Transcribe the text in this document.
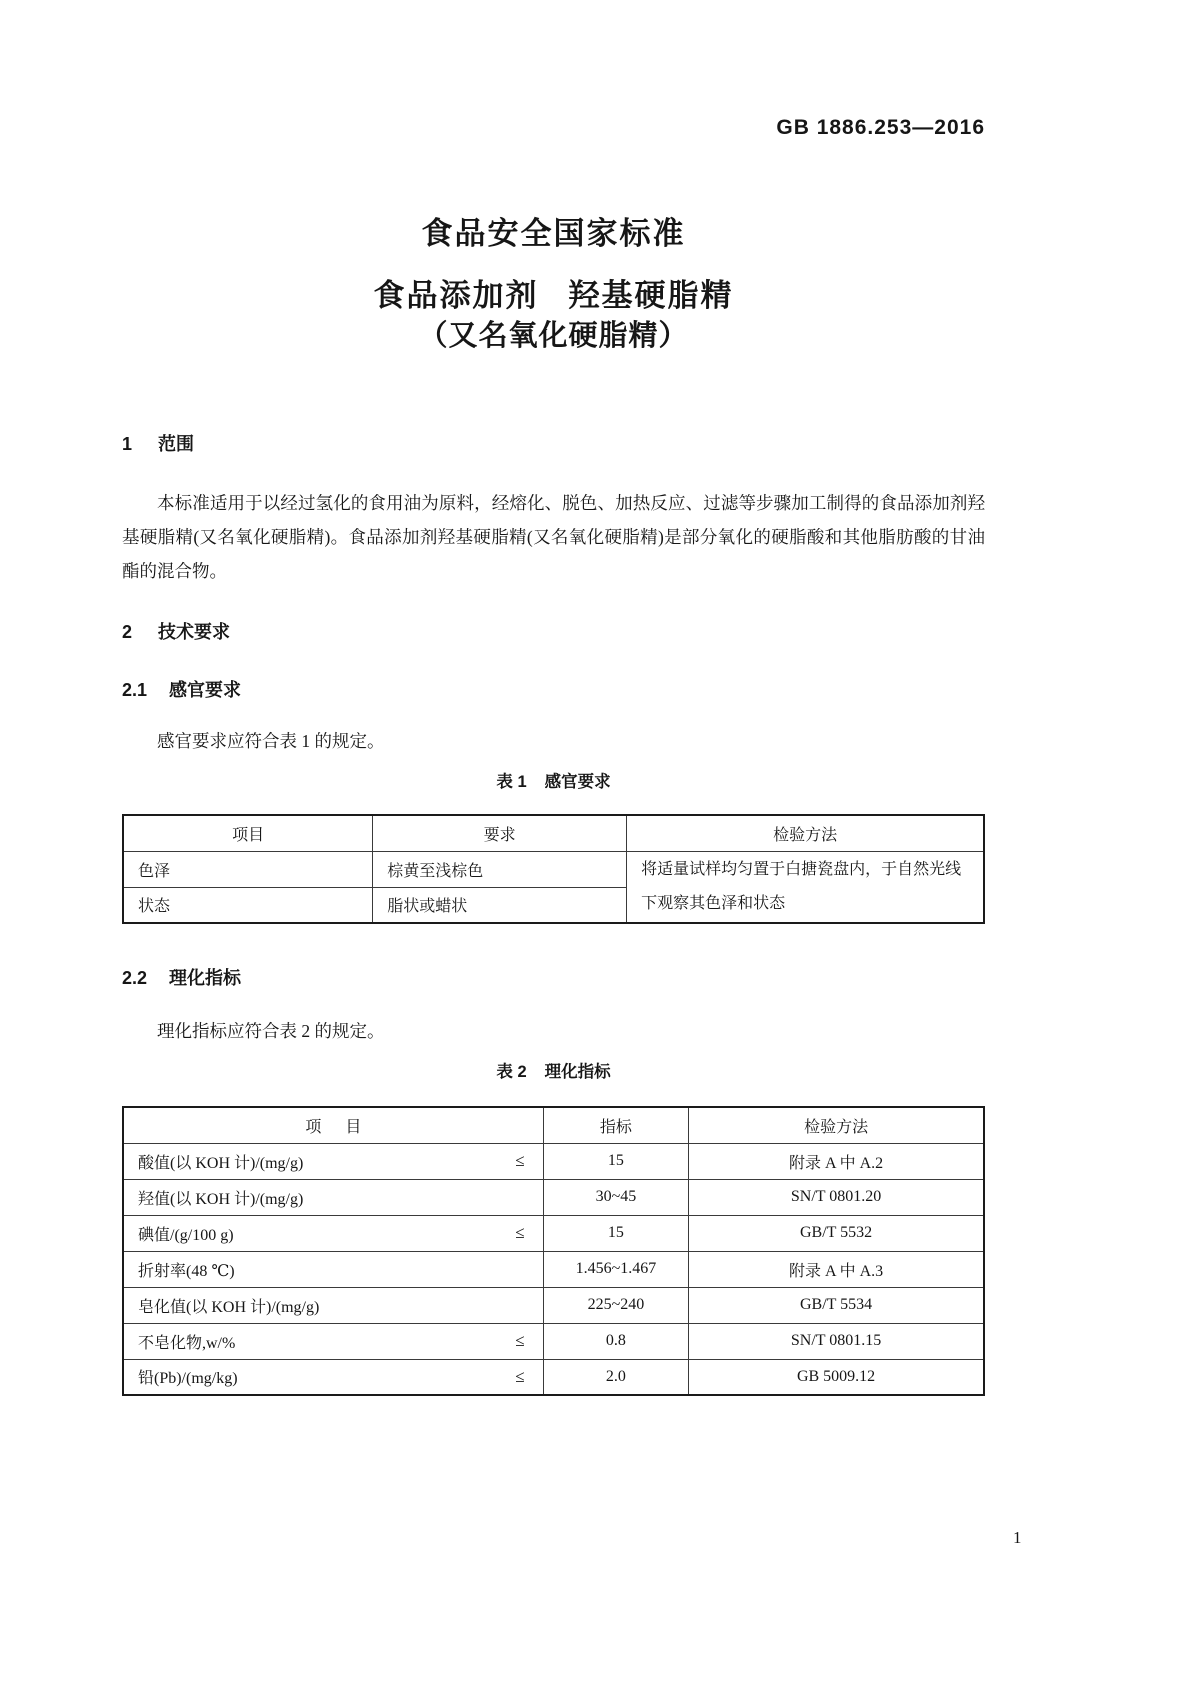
GB 1886.253—2016
食品安全国家标准
食品添加剂 羟基硬脂精
（又名氧化硬脂精）
1 范围

本标准适用于以经过氢化的食用油为原料，经熔化、脱色、加热反应、过滤等步骤加工制得的食品添加剂羟基硬脂精(又名氧化硬脂精)。食品添加剂羟基硬脂精(又名氧化硬脂精)是部分氧化的硬脂酸和其他脂肪酸的甘油酯的混合物。

2 技术要求
2.1 感官要求

感官要求应符合表 1 的规定。

表 1 感官要求
项目	要求	检验方法
色泽	棕黄至浅棕色	将适量试样均匀置于白搪瓷盘内，于自然光线下观察其色泽和状态
状态	脂状或蜡状	
2.2 理化指标

理化指标应符合表 2 的规定。

表 2 理化指标
项      目	指标	检验方法
酸值(以 KOH 计)/(mg/g) ≤	15	附录 A 中 A.2
羟值(以 KOH 计)/(mg/g)	30~45	SN/T 0801.20
碘值/(g/100 g) ≤	15	GB/T 5532
折射率(48 ℃)	1.456~1.467	附录 A 中 A.3
皂化值(以 KOH 计)/(mg/g)	225~240	GB/T 5534
不皂化物,w/% ≤	0.8	SN/T 0801.15
铅(Pb)/(mg/kg) ≤	2.0	GB 5009.12
1
